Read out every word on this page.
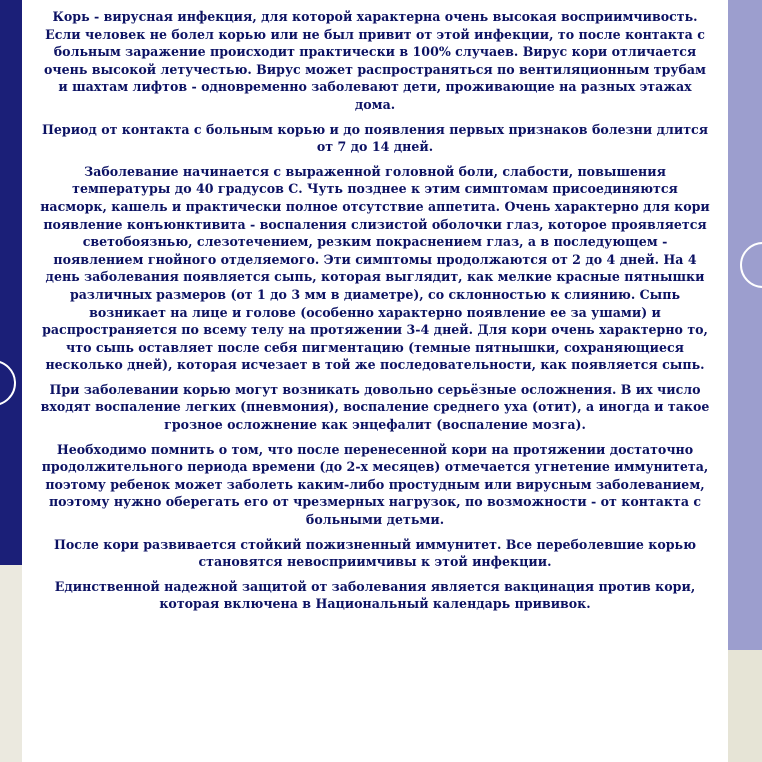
Корь - вирусная инфекция, для которой характерна очень высокая восприимчивость. Если человек не болел корью или не был привит от этой инфекции, то после контакта с больным заражение происходит практически в 100% случаев. Вирус кори отличается очень высокой летучестью. Вирус может распространяться по вентиляционным трубам и шахтам лифтов - одновременно заболевают дети, проживающие на разных этажах дома.

Период от контакта с больным корью и до появления первых признаков болезни длится от 7 до 14 дней.

Заболевание начинается с выраженной головной боли, слабости, повышения температуры до 40 градусов С. Чуть позднее к этим симптомам присоединяются насморк, кашель и практически полное отсутствие аппетита. Очень характерно для кори появление конъюнктивита - воспаления слизистой оболочки глаз, которое проявляется светобоязнью, слезотечением, резким покраснением глаз, а в последующем - появлением гнойного отделяемого. Эти симптомы продолжаются от 2 до 4 дней. На 4 день заболевания появляется сыпь, которая выглядит, как мелкие красные пятнышки различных размеров (от 1 до 3 мм в диаметре), со склонностью к слиянию. Сыпь возникает на лице и голове (особенно характерно появление ее за ушами) и распространяется по всему телу на протяжении 3-4 дней. Для кори очень характерно то, что сыпь оставляет после себя пигментацию (темные пятнышки, сохраняющиеся несколько дней), которая исчезает в той же последовательности, как появляется сыпь.

При заболевании корью могут возникать довольно серьёзные осложнения. В их число входят воспаление легких (пневмония), воспаление среднего уха (отит), а иногда и такое грозное осложнение как энцефалит (воспаление мозга).

Необходимо помнить о том, что после перенесенной кори на протяжении достаточно продолжительного периода времени (до 2-х месяцев) отмечается угнетение иммунитета, поэтому ребенок может заболеть каким-либо простудным или вирусным заболеванием, поэтому нужно оберегать его от чрезмерных нагрузок, по возможности - от контакта с больными детьми.

После кори развивается стойкий пожизненный иммунитет. Все переболевшие корью становятся невосприимчивы к этой инфекции.

Единственной надежной защитой от заболевания является вакцинация против кори, которая включена в Национальный календарь прививок.
